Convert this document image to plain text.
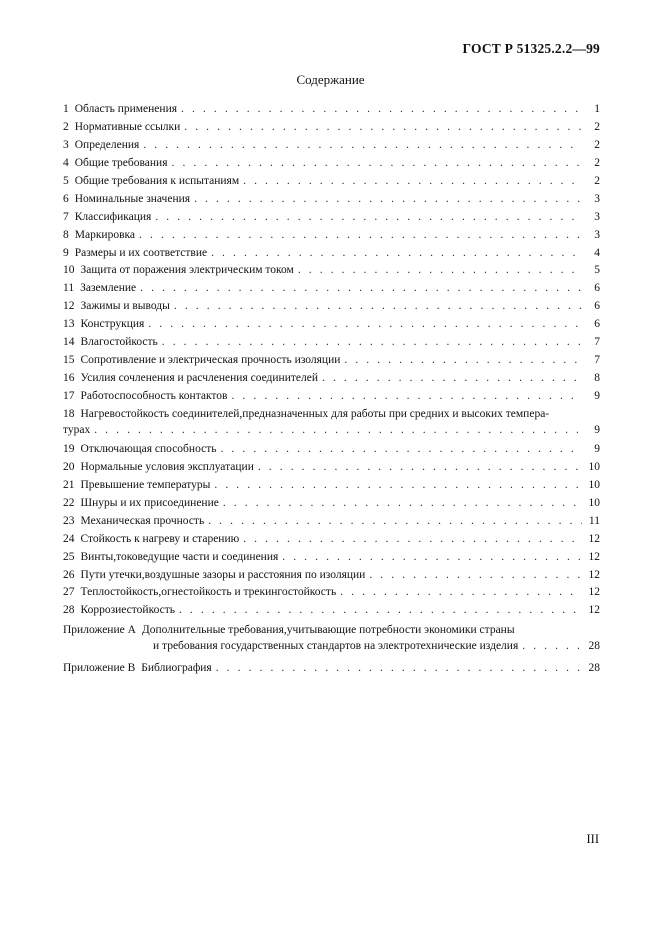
ГОСТ Р 51325.2.2—99
Содержание
1 Область применения . . .	1
2 Нормативные ссылки . . .	2
3 Определения . . .	2
4 Общие требования . . .	2
5 Общие требования к испытаниям . . .	2
6 Номинальные значения . . .	3
7 Классификация . . .	3
8 Маркировка . . .	3
9 Размеры и их соответствие . . .	4
10 Защита от поражения электрическим током . . .	5
11 Заземление . . .	6
12 Зажимы и выводы . . .	6
13 Конструкция . . .	6
14 Влагостойкость . . .	7
15 Сопротивление и электрическая прочность изоляции . . .	7
16 Усилия сочленения и расчленения соединителей . . .	8
17 Работоспособность контактов . . .	9
18 Нагревостойкость соединителей,предназначенных для работы при средних и высоких темпера-
турах . . .	9
19 Отключающая способность . . .	9
20 Нормальные условия эксплуатации . . .	10
21 Превышение температуры . . .	10
22 Шнуры и их присоединение . . .	10
23 Механическая прочность . . .	11
24 Стойкость к нагреву и старению . . .	12
25 Винты,токоведущие части и соединения . . .	12
26 Пути утечки,воздушные зазоры и расстояния по изоляции . . .	12
27 Теплостойкость,огнестойкость и трекингостойкость . . .	12
28 Коррозиестойкость . . .	12
Приложение А Дополнительные требования,учитывающие потребности экономики страны
и требования государственных стандартов на электротехнические изделия . . .	28
Приложение В Библиография . . .	28
III
